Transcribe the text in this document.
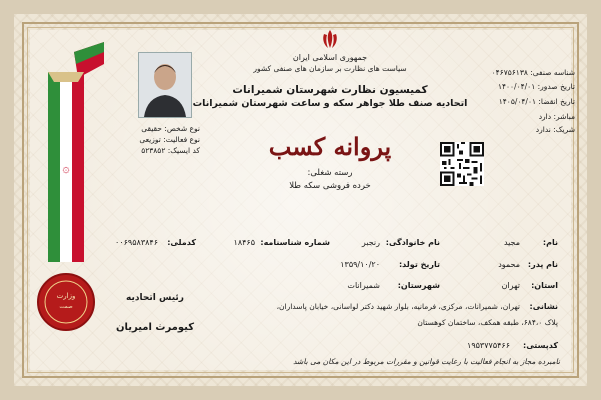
۞
وزارت
صمت
جمهوری اسلامی ایران
سیاست های نظارت بر سازمان های صنفی کشور
کمیسیون نظارت شهرستان شمیرانات
اتحادیه صنف طلا جواهر سکه و ساعت شهرستان شمیرانات
پروانه کسب
رسته شغلی:
خرده فروشی سکه طلا
نوع شخص: حقیقی
نوع فعالیت: توزیعی
کد ایسیک: ۵۲۳۸۵۲
شناسه صنفی: ۰۴۶۷۵۶۱۳۸
تاریخ صدور: ۱۴۰۰/۰۴/۰۱
تاریخ انقضا: ۱۴۰۵/۰۴/۰۱
مباشر: دارد
شریک: ندارد
نام:
مجید
نام خانوادگی:
رنجبر
شماره شناسنامه:
۱۸۴۶۵
کدملی:
۰۰۶۹۵۸۳۸۴۶
نام پدر:
محمود
تاریخ تولد:
۱۳۵۹/۱۰/۲۰
استان:
تهران
شهرستان:
شمیرانات
نشانی:
تهران، شمیرانات، مرکزی، فرمانیه، بلوار شهید دکتر لواسانی، خیابان پاسداران،
پلاک ۶۸۴،۰، طبقه همکف، ساختمان کوهستان
کدپستی:
۱۹۵۳۷۷۵۴۶۶
نامبرده مجاز به انجام فعالیت با رعایت قوانین و مقررات مربوط در این مکان می باشد
رئیس اتحادیه
کیومرث امیریان
